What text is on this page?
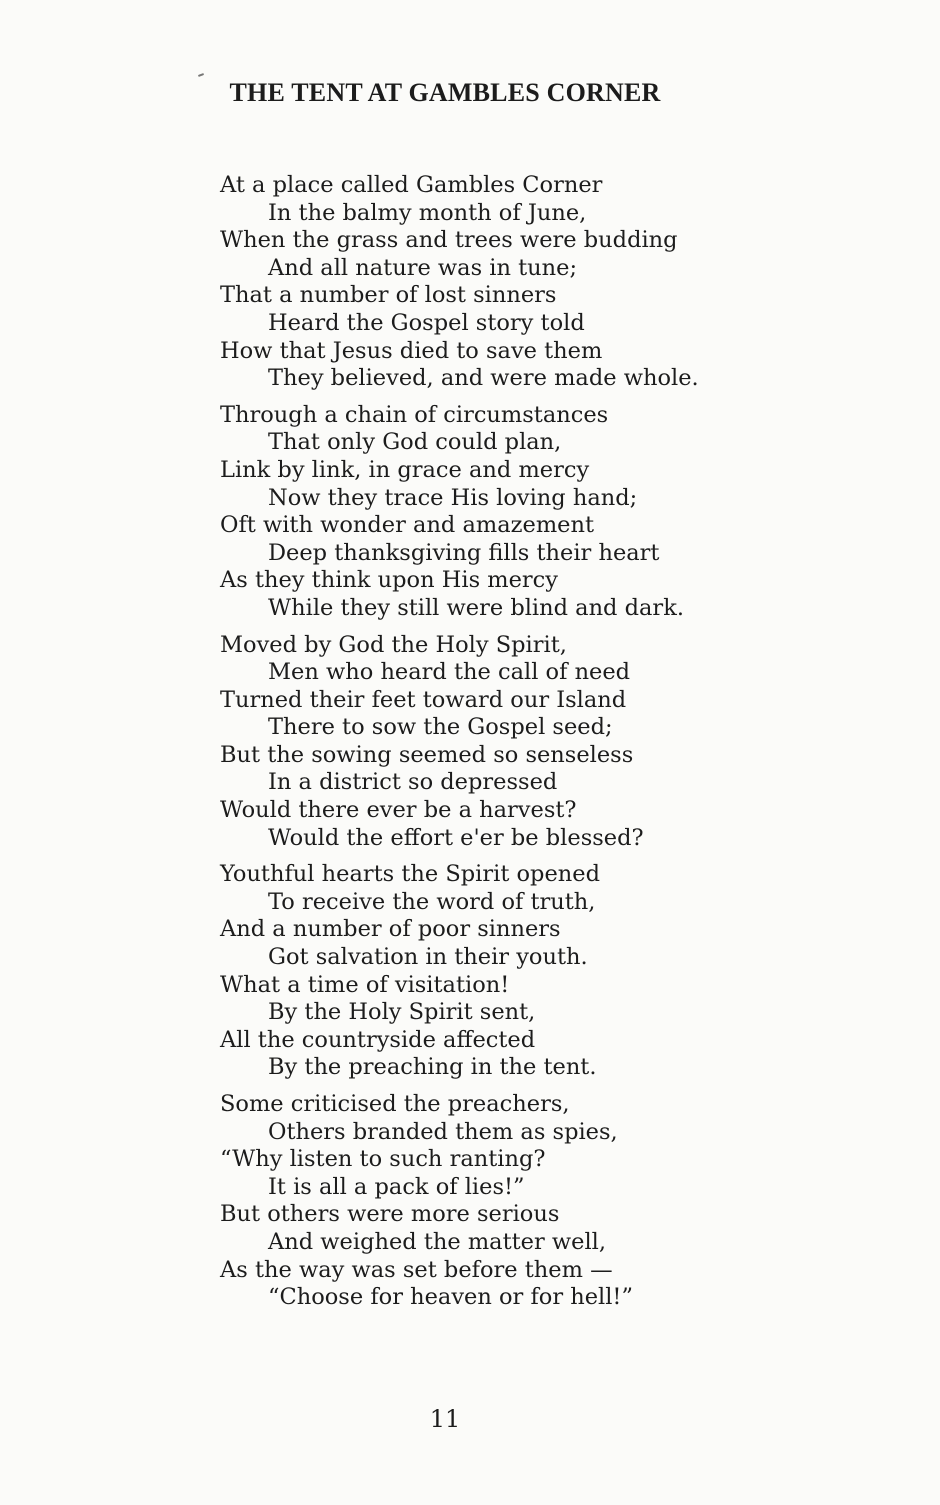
THE TENT AT GAMBLES CORNER
At a place called Gambles Corner
In the balmy month of June,
When the grass and trees were budding
And all nature was in tune;
That a number of lost sinners
Heard the Gospel story told
How that Jesus died to save them
They believed, and were made whole.
Through a chain of circumstances
That only God could plan,
Link by link, in grace and mercy
Now they trace His loving hand;
Oft with wonder and amazement
Deep thanksgiving fills their heart
As they think upon His mercy
While they still were blind and dark.
Moved by God the Holy Spirit,
Men who heard the call of need
Turned their feet toward our Island
There to sow the Gospel seed;
But the sowing seemed so senseless
In a district so depressed
Would there ever be a harvest?
Would the effort e'er be blessed?
Youthful hearts the Spirit opened
To receive the word of truth,
And a number of poor sinners
Got salvation in their youth.
What a time of visitation!
By the Holy Spirit sent,
All the countryside affected
By the preaching in the tent.
Some criticised the preachers,
Others branded them as spies,
“Why listen to such ranting?
It is all a pack of lies!”
But others were more serious
And weighed the matter well,
As the way was set before them —
“Choose for heaven or for hell!”
11
